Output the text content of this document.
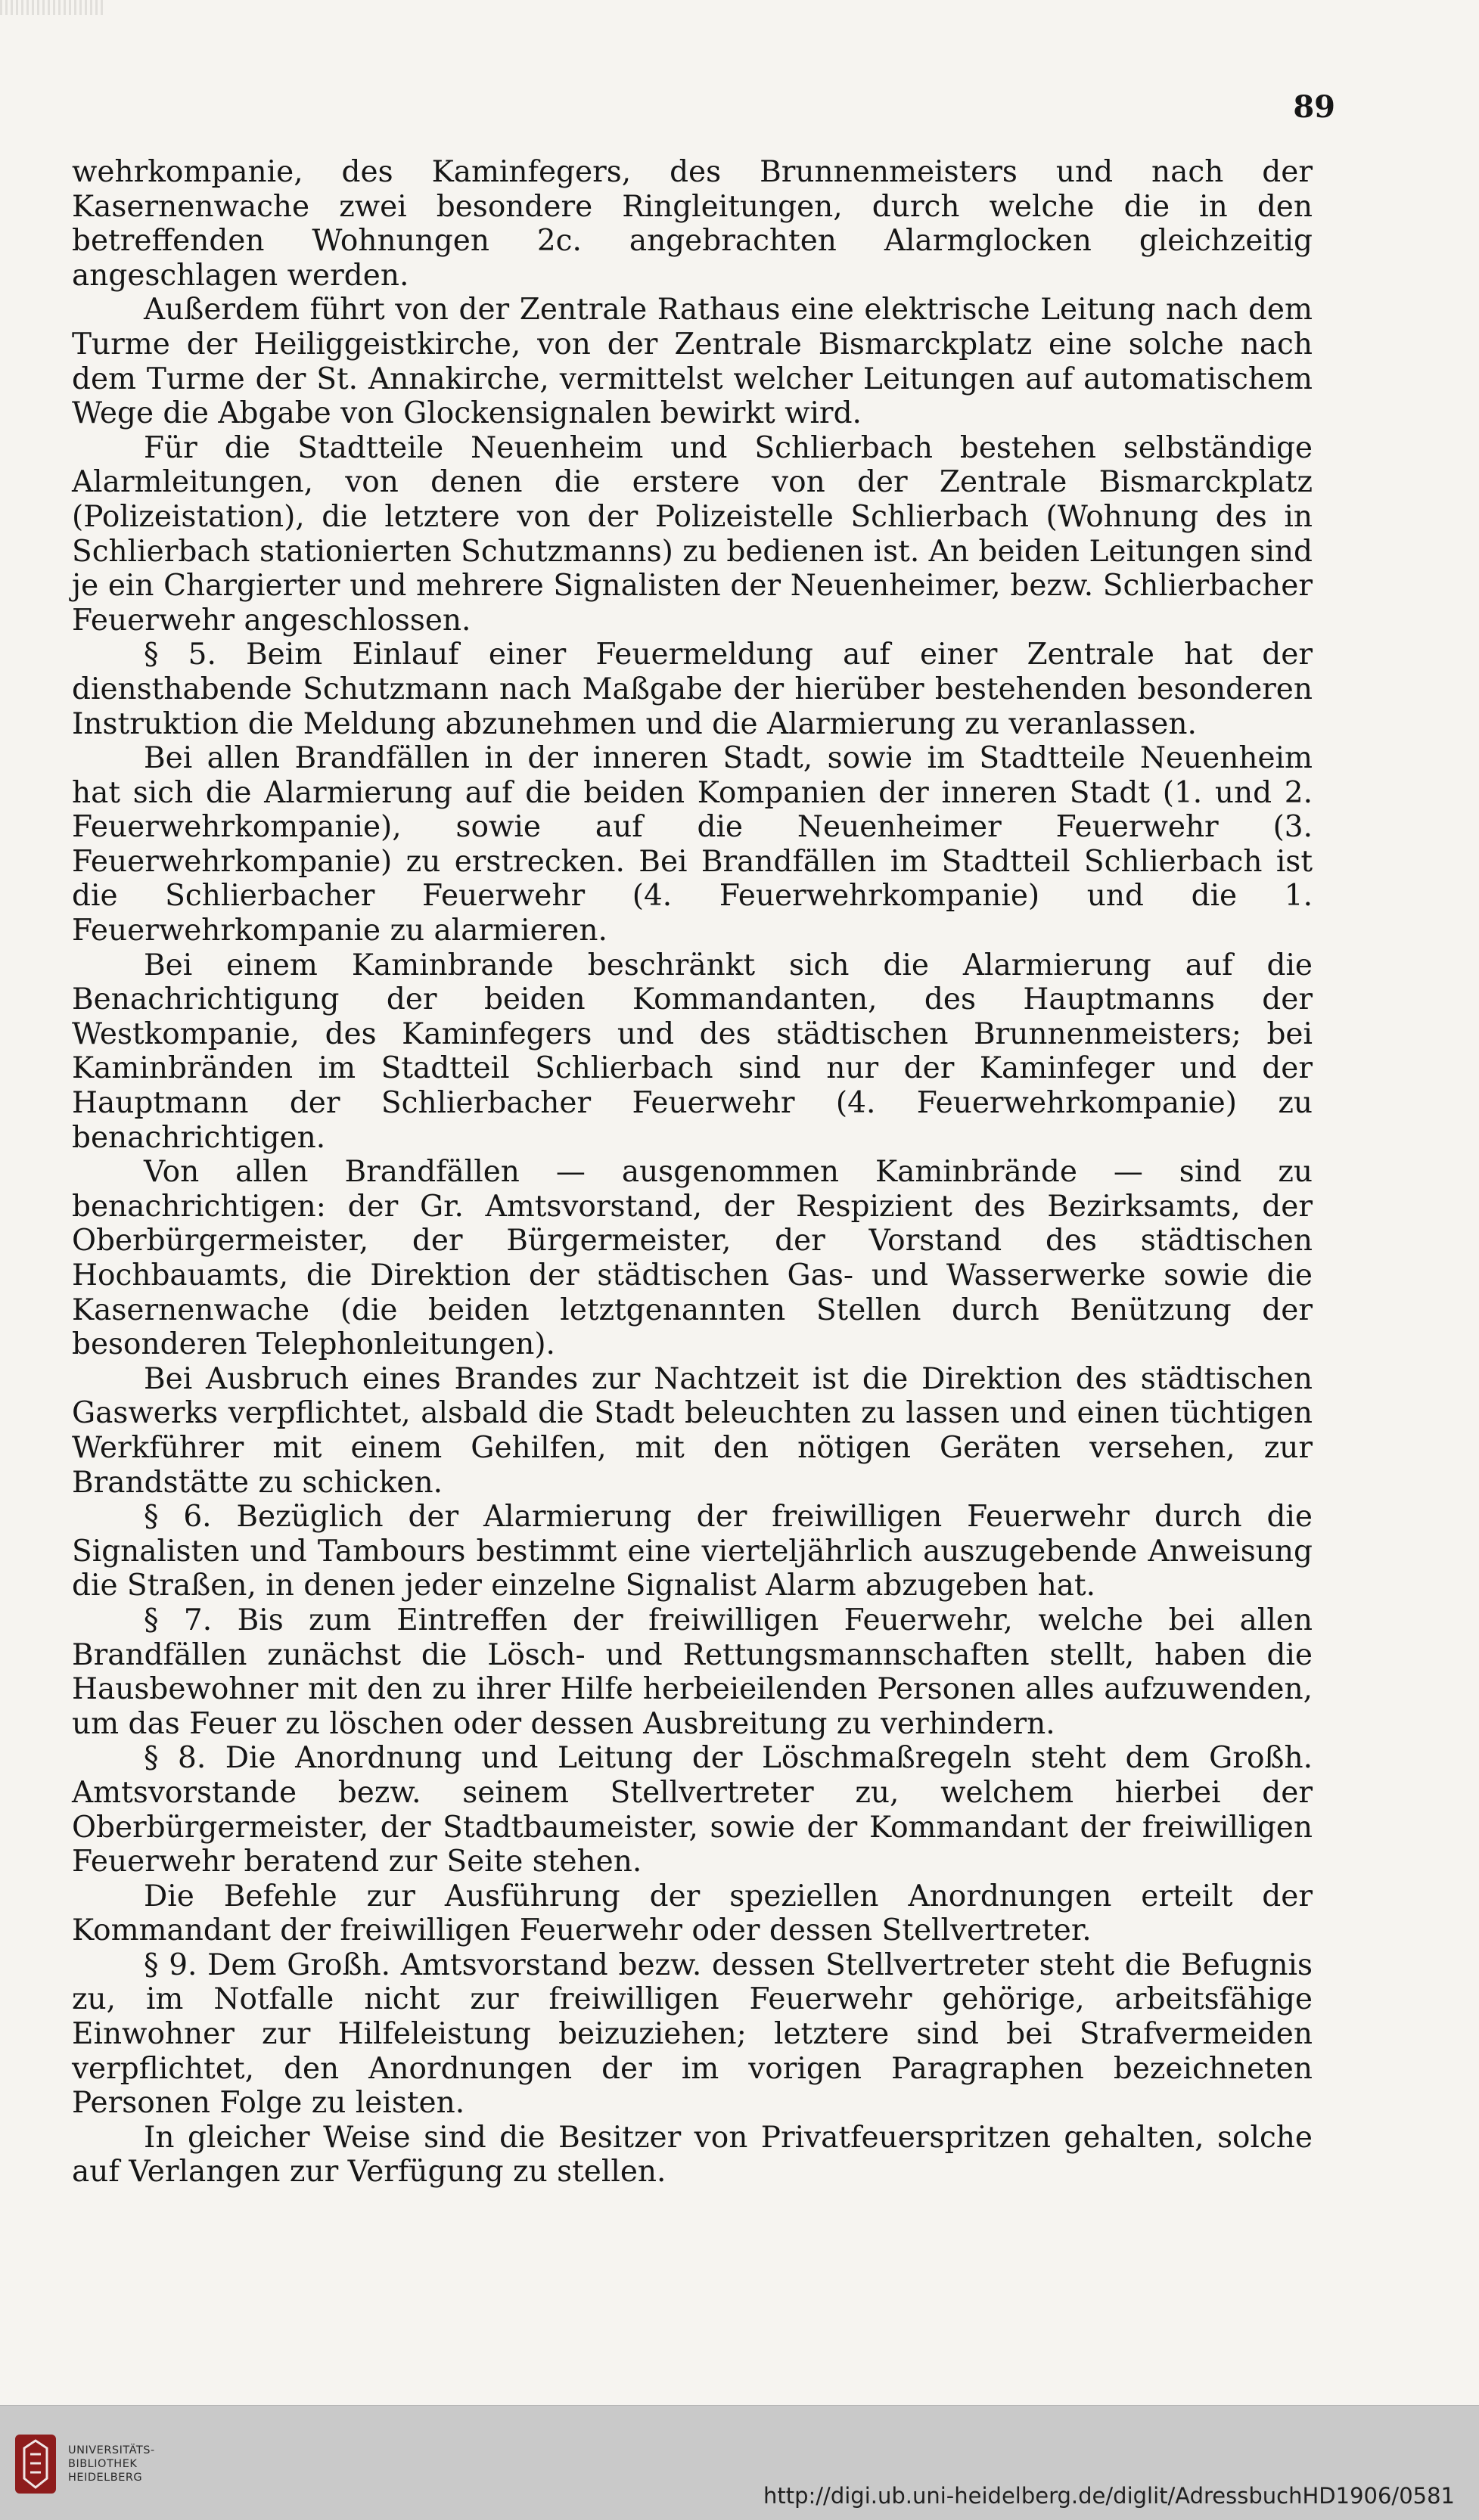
89

wehrkompanie, des Kaminfegers, des Brunnenmeisters und nach der Kasernenwache zwei besondere Ringleitungen, durch welche die in den betreffenden Wohnungen 2c. angebrachten Alarmglocken gleichzeitig angeschlagen werden.

Außerdem führt von der Zentrale Rathaus eine elektrische Leitung nach dem Turme der Heiliggeistkirche, von der Zentrale Bismarckplatz eine solche nach dem Turme der St. Annakirche, vermittelst welcher Leitungen auf automatischem Wege die Abgabe von Glockensignalen bewirkt wird.

Für die Stadtteile Neuenheim und Schlierbach bestehen selbständige Alarmleitungen, von denen die erstere von der Zentrale Bismarckplatz (Polizeistation), die letztere von der Polizeistelle Schlierbach (Wohnung des in Schlierbach stationierten Schutzmanns) zu bedienen ist. An beiden Leitungen sind je ein Chargierter und mehrere Signalisten der Neuenheimer, bezw. Schlierbacher Feuerwehr angeschlossen.

§ 5. Beim Einlauf einer Feuermeldung auf einer Zentrale hat der diensthabende Schutzmann nach Maßgabe der hierüber bestehenden besonderen Instruktion die Meldung abzunehmen und die Alarmierung zu veranlassen.

Bei allen Brandfällen in der inneren Stadt, sowie im Stadtteile Neuenheim hat sich die Alarmierung auf die beiden Kompanien der inneren Stadt (1. und 2. Feuerwehrkompanie), sowie auf die Neuenheimer Feuerwehr (3. Feuerwehrkompanie) zu erstrecken. Bei Brandfällen im Stadtteil Schlierbach ist die Schlierbacher Feuerwehr (4. Feuerwehrkompanie) und die 1. Feuerwehrkompanie zu alarmieren.

Bei einem Kaminbrande beschränkt sich die Alarmierung auf die Benachrichtigung der beiden Kommandanten, des Hauptmanns der Westkompanie, des Kaminfegers und des städtischen Brunnenmeisters; bei Kaminbränden im Stadtteil Schlierbach sind nur der Kaminfeger und der Hauptmann der Schlierbacher Feuerwehr (4. Feuerwehrkompanie) zu benachrichtigen.

Von allen Brandfällen — ausgenommen Kaminbrände — sind zu benachrichtigen: der Gr. Amtsvorstand, der Respizient des Bezirksamts, der Oberbürgermeister, der Bürgermeister, der Vorstand des städtischen Hochbauamts, die Direktion der städtischen Gas- und Wasserwerke sowie die Kasernenwache (die beiden letztgenannten Stellen durch Benützung der besonderen Telephonleitungen).

Bei Ausbruch eines Brandes zur Nachtzeit ist die Direktion des städtischen Gaswerks verpflichtet, alsbald die Stadt beleuchten zu lassen und einen tüchtigen Werkführer mit einem Gehilfen, mit den nötigen Geräten versehen, zur Brandstätte zu schicken.

§ 6. Bezüglich der Alarmierung der freiwilligen Feuerwehr durch die Signalisten und Tambours bestimmt eine vierteljährlich auszugebende Anweisung die Straßen, in denen jeder einzelne Signalist Alarm abzugeben hat.

§ 7. Bis zum Eintreffen der freiwilligen Feuerwehr, welche bei allen Brandfällen zunächst die Lösch- und Rettungsmannschaften stellt, haben die Hausbewohner mit den zu ihrer Hilfe herbeieilenden Personen alles aufzuwenden, um das Feuer zu löschen oder dessen Ausbreitung zu verhindern.

§ 8. Die Anordnung und Leitung der Löschmaßregeln steht dem Großh. Amtsvorstande bezw. seinem Stellvertreter zu, welchem hierbei der Oberbürgermeister, der Stadtbaumeister, sowie der Kommandant der freiwilligen Feuerwehr beratend zur Seite stehen.

Die Befehle zur Ausführung der speziellen Anordnungen erteilt der Kommandant der freiwilligen Feuerwehr oder dessen Stellvertreter.

§ 9. Dem Großh. Amtsvorstand bezw. dessen Stellvertreter steht die Befugnis zu, im Notfalle nicht zur freiwilligen Feuerwehr gehörige, arbeitsfähige Einwohner zur Hilfeleistung beizuziehen; letztere sind bei Strafvermeiden verpflichtet, den Anordnungen der im vorigen Paragraphen bezeichneten Personen Folge zu leisten.

In gleicher Weise sind die Besitzer von Privatfeuerspritzen gehalten, solche auf Verlangen zur Verfügung zu stellen.

UNIVERSITÄTS-
BIBLIOTHEK
HEIDELBERG
http://digi.ub.uni-heidelberg.de/diglit/AdressbuchHD1906/0581
